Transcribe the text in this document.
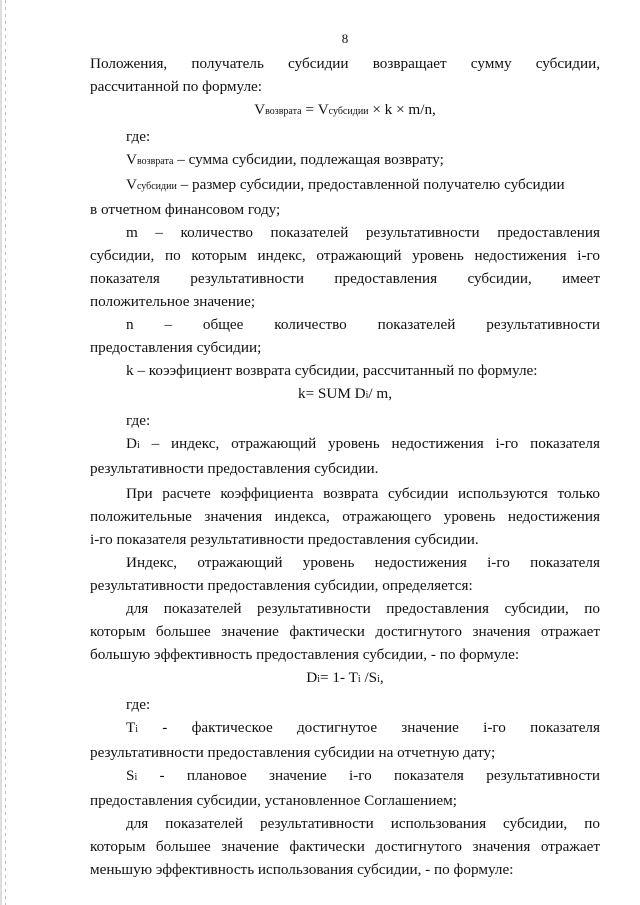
8

Положения, получатель субсидии возвращает сумму субсидии,

рассчитанной по формуле:

Vвозврата = Vсубсидии × k × m/n,

где:

Vвозврата – сумма субсидии, подлежащая возврату;

Vсубсидии – размер субсидии, предоставленной получателю субсидии

в отчетном финансовом году;

m – количество показателей результативности предоставления

субсидии, по которым индекс, отражающий уровень недостижения i-го

показателя результативности предоставления субсидии, имеет

положительное значение;

n – общее количество показателей результативности

предоставления субсидии;

k – коээфициент возврата субсидии, рассчитанный по формуле:

k= SUM Di/ m,

где:

Di – индекс, отражающий уровень недостижения i-го показателя

результативности предоставления субсидии.

При расчете коэффициента возврата субсидии используются только

положительные значения индекса, отражающего уровень недостижения

i-го показателя результативности предоставления субсидии.

Индекс, отражающий уровень недостижения i-го показателя

результативности предоставления субсидии, определяется:

для показателей результативности предоставления субсидии, по

которым большее значение фактически достигнутого значения отражает

большую эффективность предоставления субсидии, - по формуле:

Di= 1- Ti /Si,

где:

Ti - фактическое достигнутое значение i-го показателя

результативности предоставления субсидии на отчетную дату;

Si - плановое значение i-го показателя результативности

предоставления субсидии, установленное Соглашением;

для показателей результативности использования субсидии, по

которым большее значение фактически достигнутого значения отражает

меньшую эффективность использования субсидии, - по формуле:
